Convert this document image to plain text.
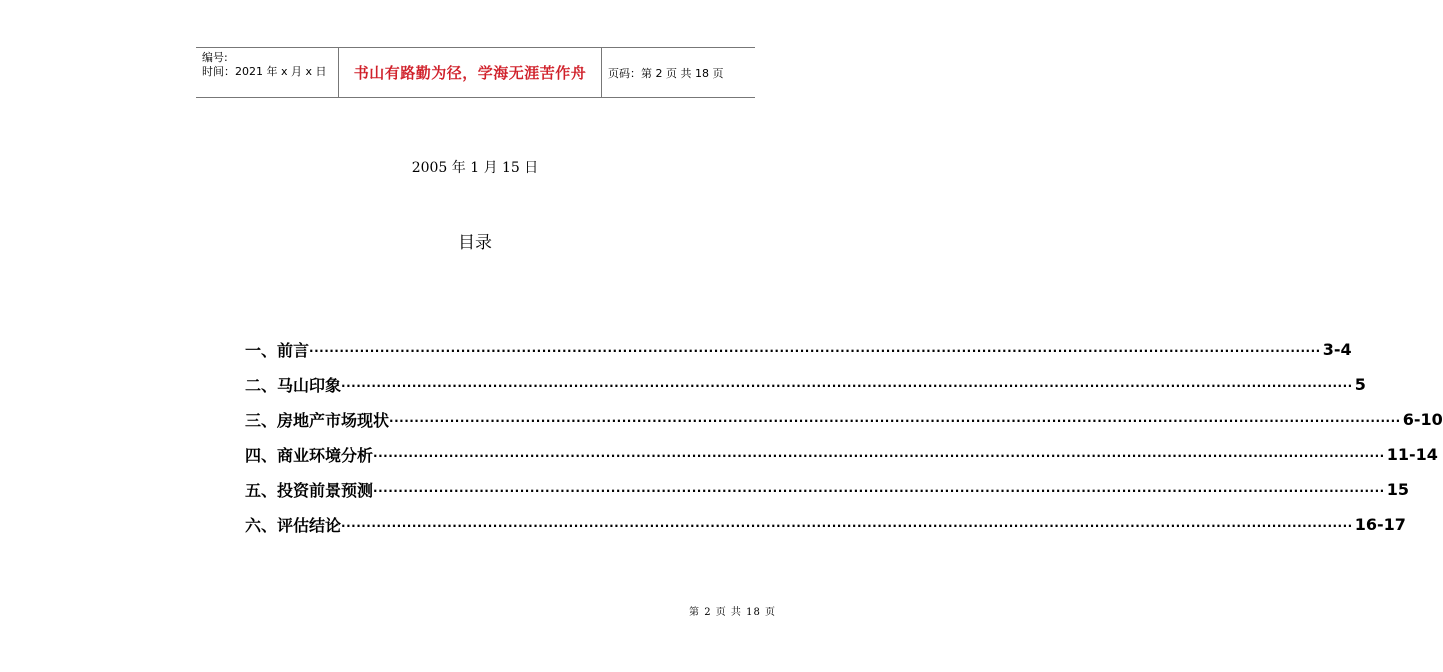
编号:
时间：2021 年 x 月 x 日	书山有路勤为径，学海无涯苦作舟	页码：第 2 页 共 18 页
2005 年 1 月 15 日
目录
一、前言 ········································································································································································································ 3-4
二、马山印象 ········································································································································································································ 5
三、房地产市场现状 ········································································································································································································ 6-10
四、商业环境分析 ········································································································································································································ 11-14
五、投资前景预测 ········································································································································································································ 15
六、评估结论 ········································································································································································································ 16-17
第 2 页 共 18 页
